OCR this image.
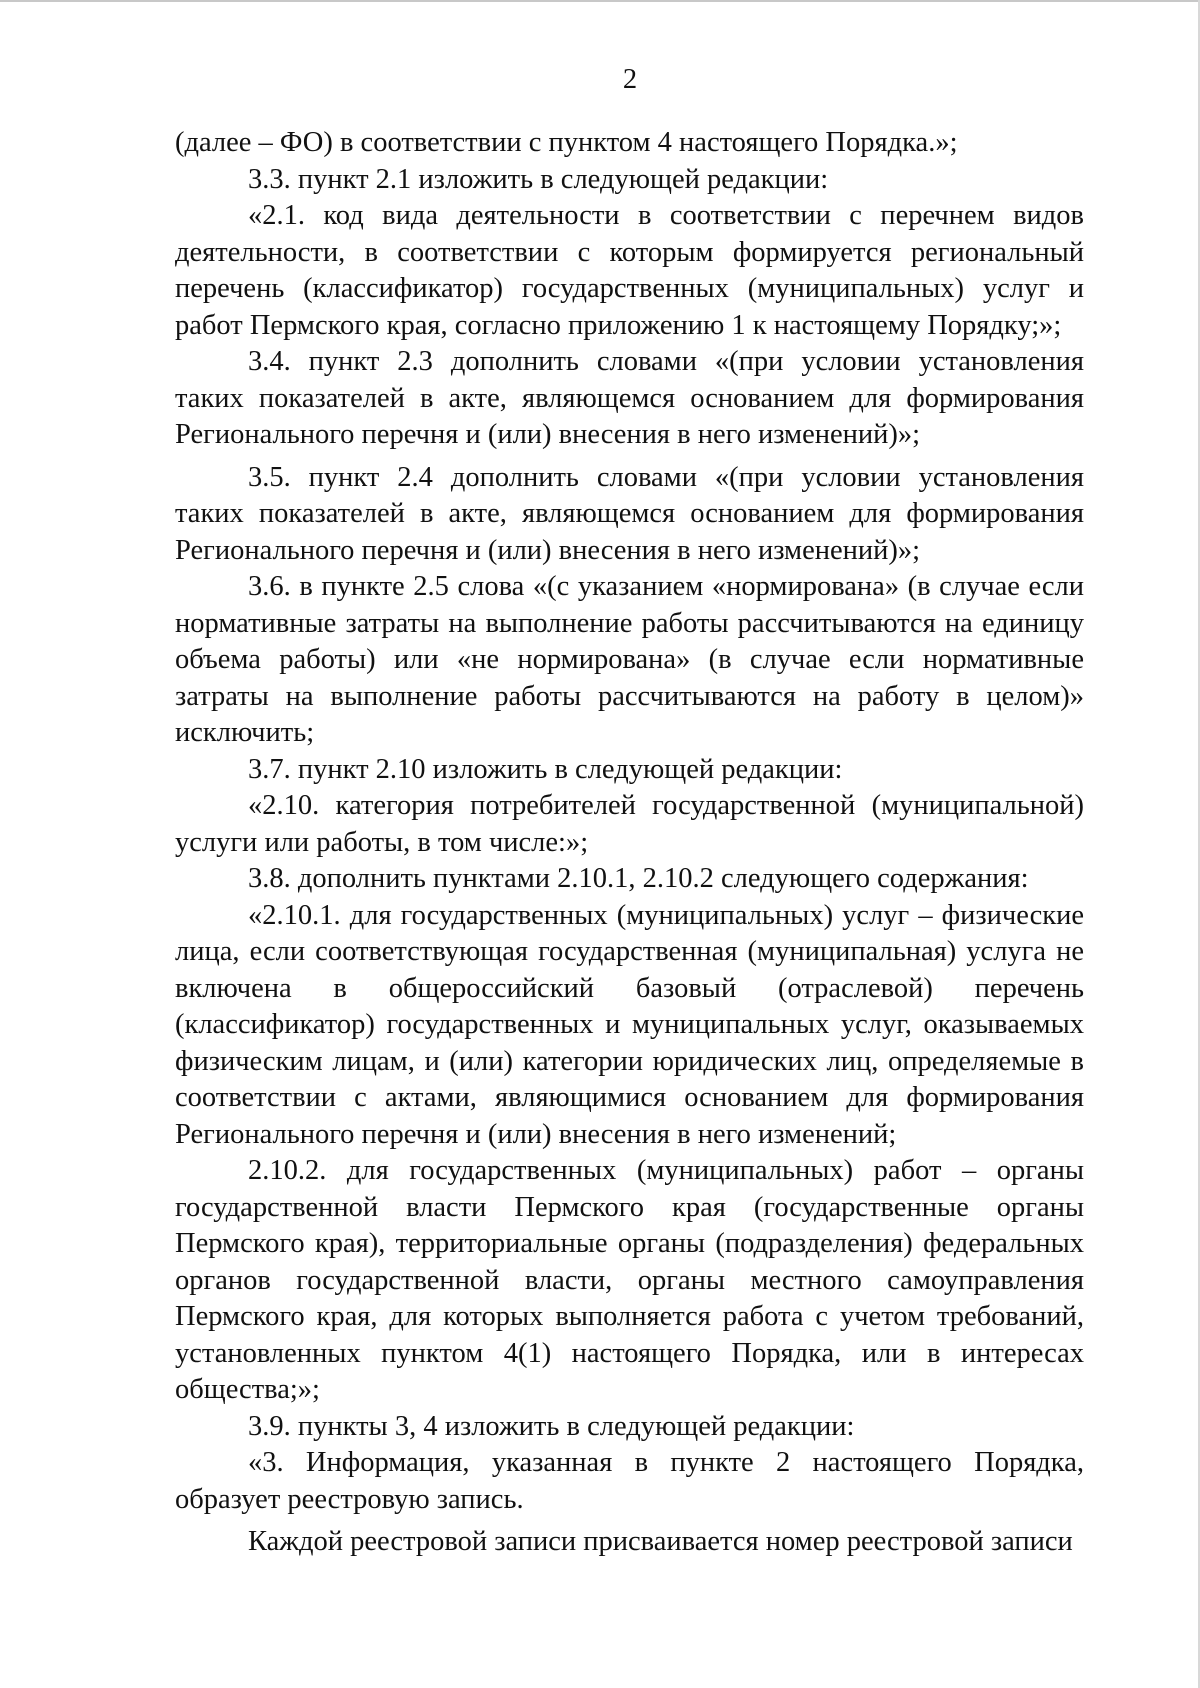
2

(далее – ФО) в соответствии с пунктом 4 настоящего Порядка.»;

3.3. пункт 2.1 изложить в следующей редакции:

«2.1. код вида деятельности в соответствии с перечнем видов деятельности, в соответствии с которым формируется региональный перечень (классификатор) государственных (муниципальных) услуг и работ Пермского края, согласно приложению 1 к настоящему Порядку;»;

3.4. пункт 2.3 дополнить словами «(при условии установления таких показателей в акте, являющемся основанием для формирования Регионального перечня и (или) внесения в него изменений)»;

3.5. пункт 2.4 дополнить словами «(при условии установления таких показателей в акте, являющемся основанием для формирования Регионального перечня и (или) внесения в него изменений)»;

3.6. в пункте 2.5 слова «(с указанием «нормирована» (в случае если нормативные затраты на выполнение работы рассчитываются на единицу объема работы) или «не нормирована» (в случае если нормативные затраты на выполнение работы рассчитываются на работу в целом)» исключить;

3.7. пункт 2.10 изложить в следующей редакции:

«2.10. категория потребителей государственной (муниципальной) услуги или работы, в том числе:»;

3.8. дополнить пунктами 2.10.1, 2.10.2 следующего содержания:

«2.10.1. для государственных (муниципальных) услуг – физические лица, если соответствующая государственная (муниципальная) услуга не включена в общероссийский базовый (отраслевой) перечень (классификатор) государственных и муниципальных услуг, оказываемых физическим лицам, и (или) категории юридических лиц, определяемые в соответствии с актами, являющимися основанием для формирования Регионального перечня и (или) внесения в него изменений;

2.10.2. для государственных (муниципальных) работ – органы государственной власти Пермского края (государственные органы Пермского края), территориальные органы (подразделения) федеральных органов государственной власти, органы местного самоуправления Пермского края, для которых выполняется работа с учетом требований, установленных пунктом 4(1) настоящего Порядка, или в интересах общества;»;

3.9. пункты 3, 4 изложить в следующей редакции:

«3. Информация, указанная в пункте 2 настоящего Порядка, образует реестровую запись.

Каждой реестровой записи присваивается номер реестровой записи
